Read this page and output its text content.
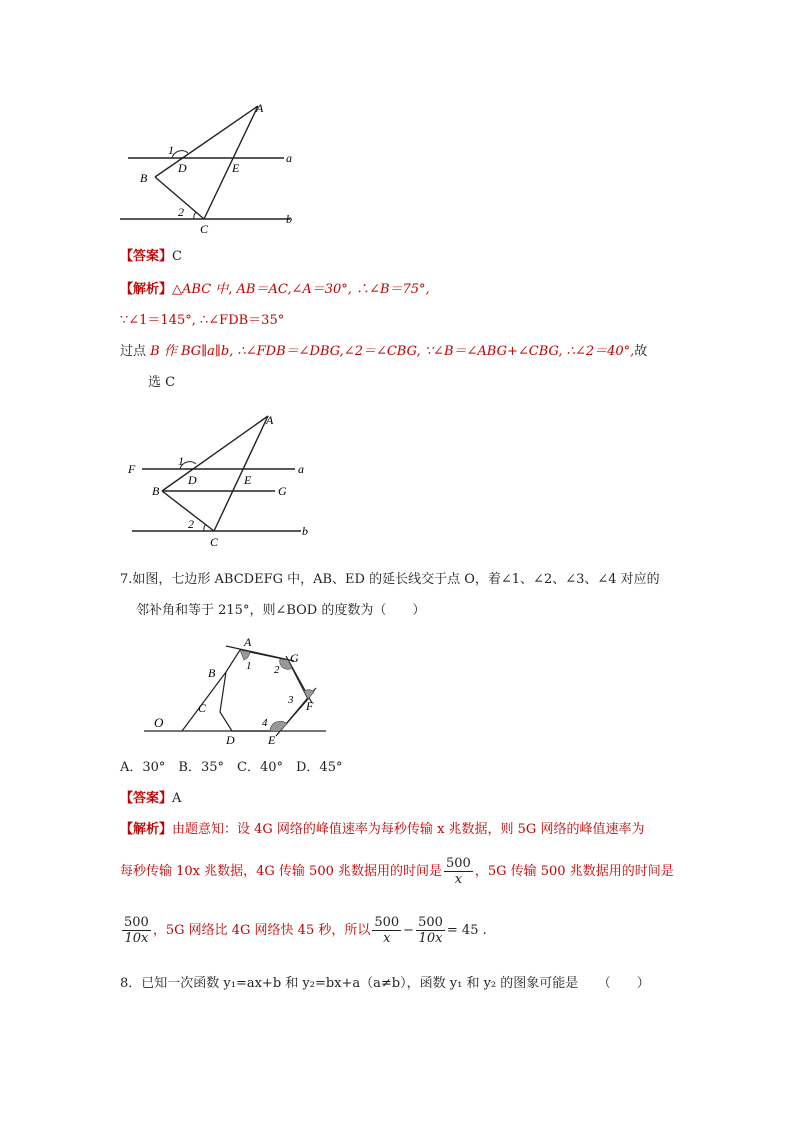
A
D	E
B
C
a
b
1
2
【答案】C
【解析】△ABC 中, AB＝AC,∠A＝30°, ∴∠B＝75°,
∵∠1＝145°, ∴∠FDB＝35°
过点 B 作 BG∥a∥b, ∴∠FDB＝∠DBG,∠2＝∠CBG, ∵∠B＝∠ABG+∠CBG, ∴∠2＝40°,故
选 C
A
F
D	E
B	G
C
a
b
1
2
7.如图，七边形 ABCDEFG 中，AB、ED 的延长线交于点 O，着∠1、∠2、∠3、∠4 对应的
邻补角和等于 215°，则∠BOD 的度数为（　　）
A
G
B
C	F
O
D	E
1 2
3
4
A．30°　B．35°　C．40°　D．45°
【答案】A
【解析】由题意知：设 4G 网络的峰值速率为每秒传输 x 兆数据，则 5G 网络的峰值速率为
每秒传输 10x 兆数据，4G 传输 500 兆数据用的时间是 $\frac{500}{x}$ ，5G 传输 500 兆数据用的时间是
$\frac{500}{10x}$ ，5G 网络比 4G 网络快 45 秒，所以 $\frac{500}{x} - \frac{500}{10x} = 45$ .
8．已知一次函数 y₁=ax+b 和 y₂=bx+a（a≠b），函数 y₁ 和 y₂ 的图象可能是　　（　　）
